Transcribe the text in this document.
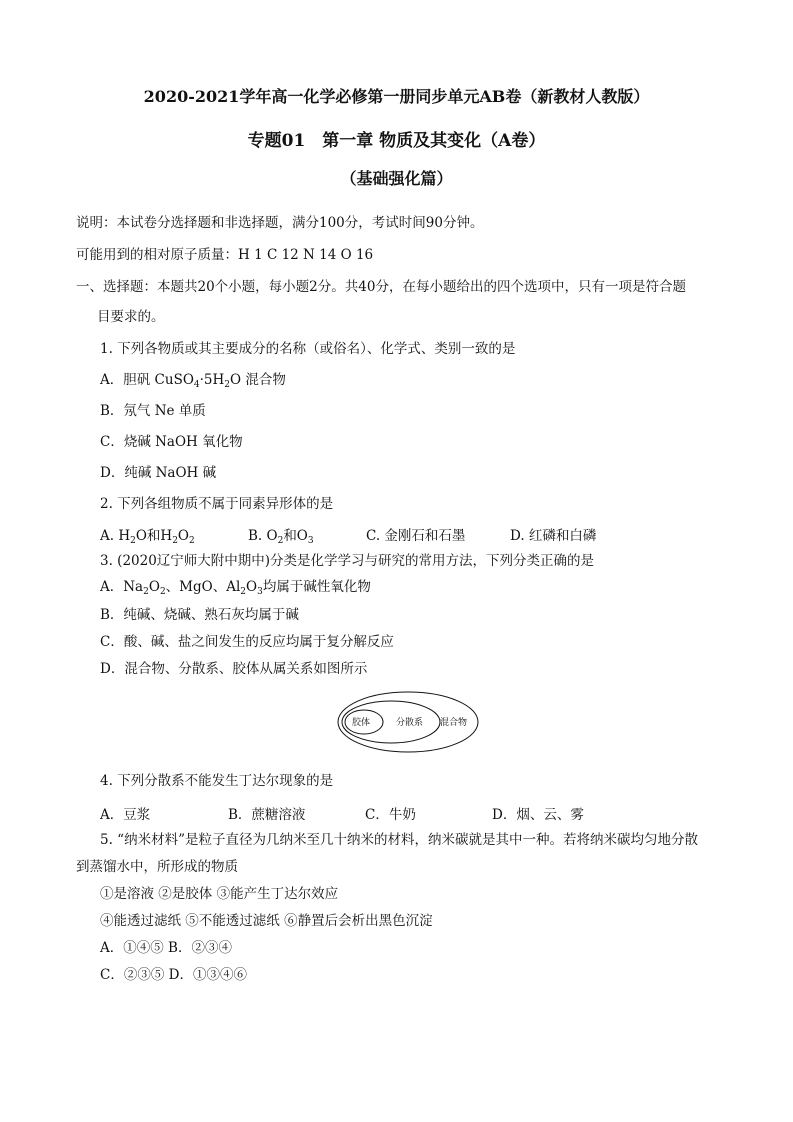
2020-2021学年高一化学必修第一册同步单元AB卷（新教材人教版）
专题01　第一章 物质及其变化（A卷）
（基础强化篇）
说明：本试卷分选择题和非选择题，满分100分，考试时间90分钟。
可能用到的相对原子质量：H 1 C 12 N 14 O 16
一、选择题：本题共20个小题，每小题2分。共40分，在每小题给出的四个选项中，只有一项是符合题
目要求的。
1. 下列各物质或其主要成分的名称（或俗名）、化学式、类别一致的是
A．胆矾 $CuSO_4\cdot 5H_2O$ 混合物
B．氖气 Ne 单质
C．烧碱 NaOH 氧化物
D．纯碱 NaOH 碱
2. 下列各组物质不属于同素异形体的是
A. $H_2O$和$H_2O_2$	B. $O_2$和$O_3$	C. 金刚石和石墨	D. 红磷和白磷
3. (2020辽宁师大附中期中)分类是化学学习与研究的常用方法，下列分类正确的是
A．$Na_2O_2$、MgO、$Al_2O_3$均属于碱性氧化物
B．纯碱、烧碱、熟石灰均属于碱
C．酸、碱、盐之间发生的反应均属于复分解反应
D．混合物、分散系、胶体从属关系如图所示
胶体	分散系 混合物
4. 下列分散系不能发生丁达尔现象的是
A．豆浆	B．蔗糖溶液	C．牛奶	D．烟、云、雾
5. “纳米材料”是粒子直径为几纳米至几十纳米的材料，纳米碳就是其中一种。若将纳米碳均匀地分散
到蒸馏水中，所形成的物质
①是溶液 ②是胶体 ③能产生丁达尔效应
④能透过滤纸 ⑤不能透过滤纸 ⑥静置后会析出黑色沉淀
A．①④⑤ B．②③④
C．②③⑤ D．①③④⑥
